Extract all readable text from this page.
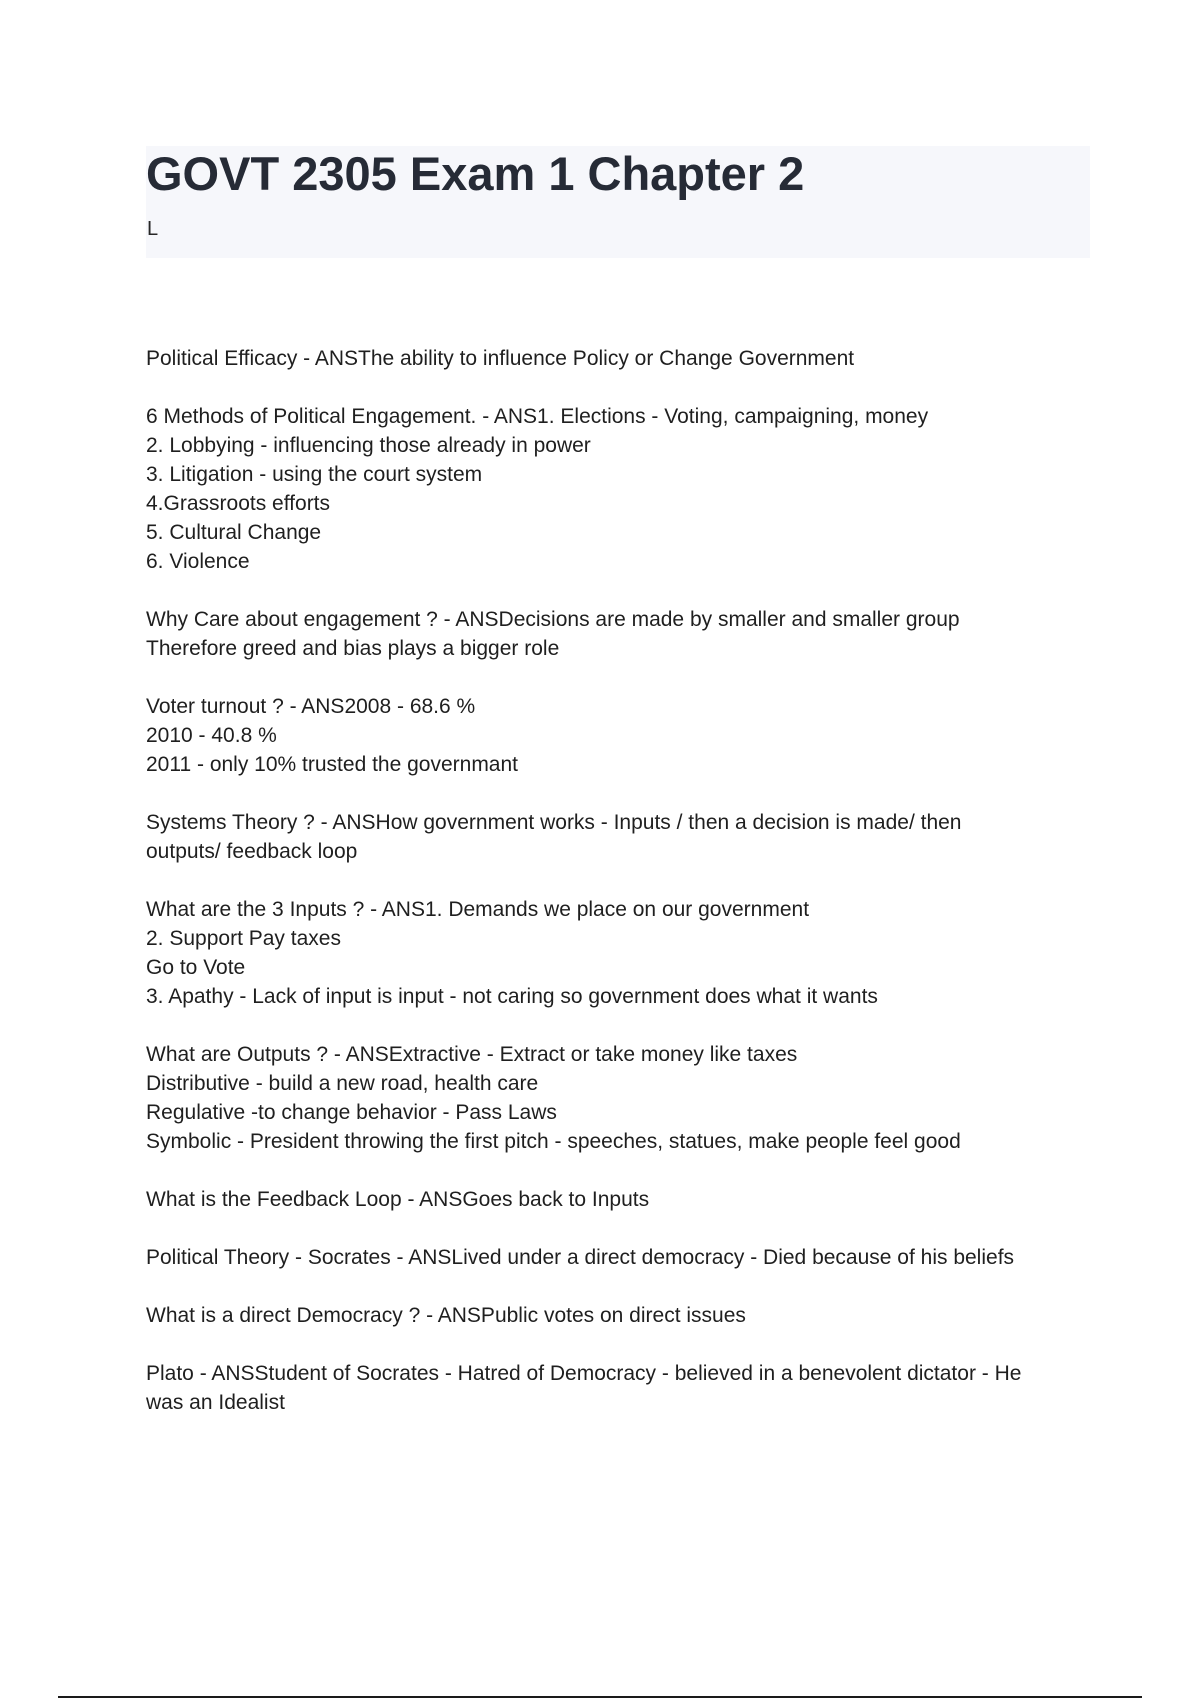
GOVT 2305 Exam 1 Chapter 2
L
Political Efficacy - ANSThe ability to influence Policy or Change Government
6 Methods of Political Engagement. - ANS1. Elections - Voting, campaigning, money
2. Lobbying - influencing those already in power
3. Litigation - using the court system
4.Grassroots efforts
5. Cultural Change
6. Violence
Why Care about engagement ? - ANSDecisions are made by smaller and smaller group
Therefore greed and bias plays a bigger role
Voter turnout ? - ANS2008 - 68.6 %
2010 - 40.8 %
2011 - only 10% trusted the governmant
Systems Theory ? - ANSHow government works - Inputs / then a decision is made/ then
outputs/ feedback loop
What are the 3 Inputs ? - ANS1. Demands we place on our government
2. Support Pay taxes
Go to Vote
3. Apathy - Lack of input is input - not caring so government does what it wants
What are Outputs ? - ANSExtractive - Extract or take money like taxes
Distributive - build a new road, health care
Regulative -to change behavior - Pass Laws
Symbolic - President throwing the first pitch - speeches, statues, make people feel good
What is the Feedback Loop - ANSGoes back to Inputs
Political Theory - Socrates - ANSLived under a direct democracy - Died because of his beliefs
What is a direct Democracy ? - ANSPublic votes on direct issues
Plato - ANSStudent of Socrates - Hatred of Democracy - believed in a benevolent dictator - He
was an Idealist
